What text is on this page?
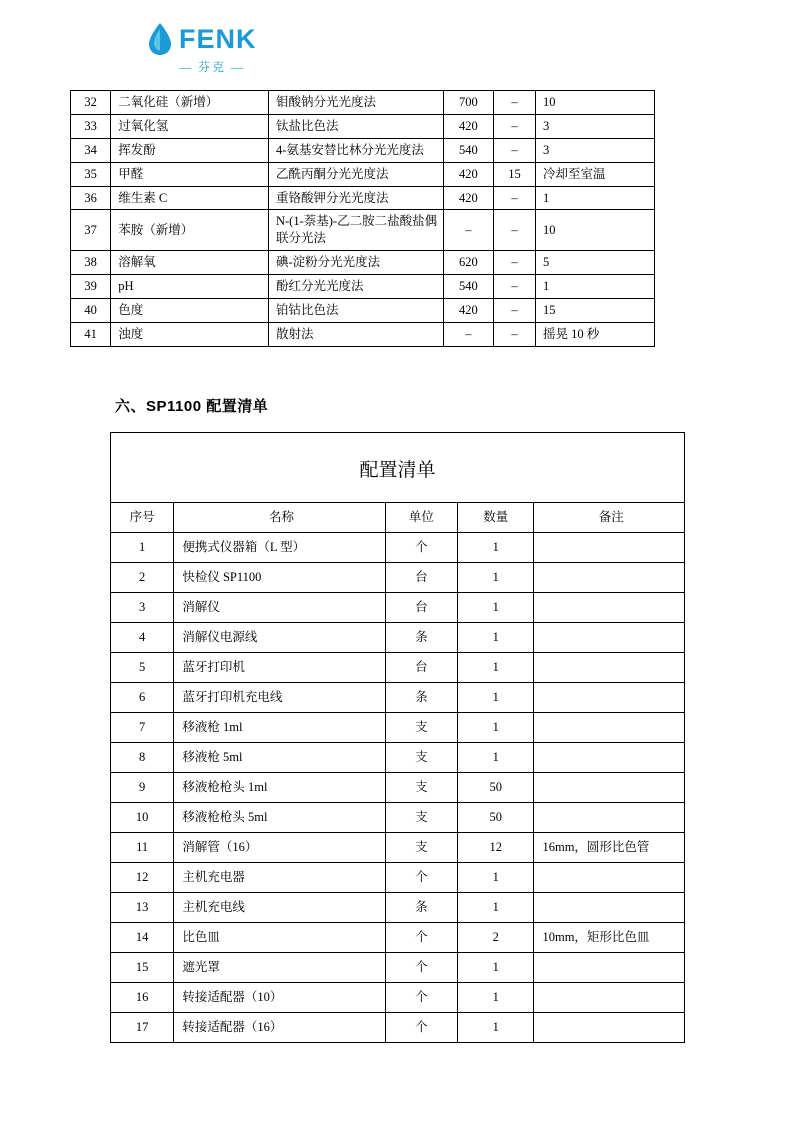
FENK
— 芬克 —
32	二氧化硅（新增）	钼酸钠分光光度法	700	–	10
33	过氧化氢	钛盐比色法	420	–	3
34	挥发酚	4-氨基安替比林分光光度法	540	–	3
35	甲醛	乙酰丙酮分光光度法	420	15	冷却至室温
36	维生素 C	重铬酸钾分光光度法	420	–	1
37	苯胺（新增）	N-(1-萘基)-乙二胺二盐酸盐偶联分光法	–	–	10
38	溶解氧	碘-淀粉分光光度法	620	–	5
39	pH	酚红分光光度法	540	–	1
40	色度	铂钴比色法	420	–	15
41	浊度	散射法	–	–	摇晃 10 秒
六、SP1100 配置清单
配置清单
序号	名称	单位	数量	备注
1	便携式仪器箱（L 型）	个	1	
2	快检仪 SP1100	台	1	
3	消解仪	台	1	
4	消解仪电源线	条	1	
5	蓝牙打印机	台	1	
6	蓝牙打印机充电线	条	1	
7	移液枪 1ml	支	1	
8	移液枪 5ml	支	1	
9	移液枪枪头 1ml	支	50	
10	移液枪枪头 5ml	支	50	
11	消解管（16）	支	12	16mm，圆形比色管
12	主机充电器	个	1	
13	主机充电线	条	1	
14	比色皿	个	2	10mm，矩形比色皿
15	遮光罩	个	1	
16	转接适配器（10）	个	1	
17	转接适配器（16）	个	1	
